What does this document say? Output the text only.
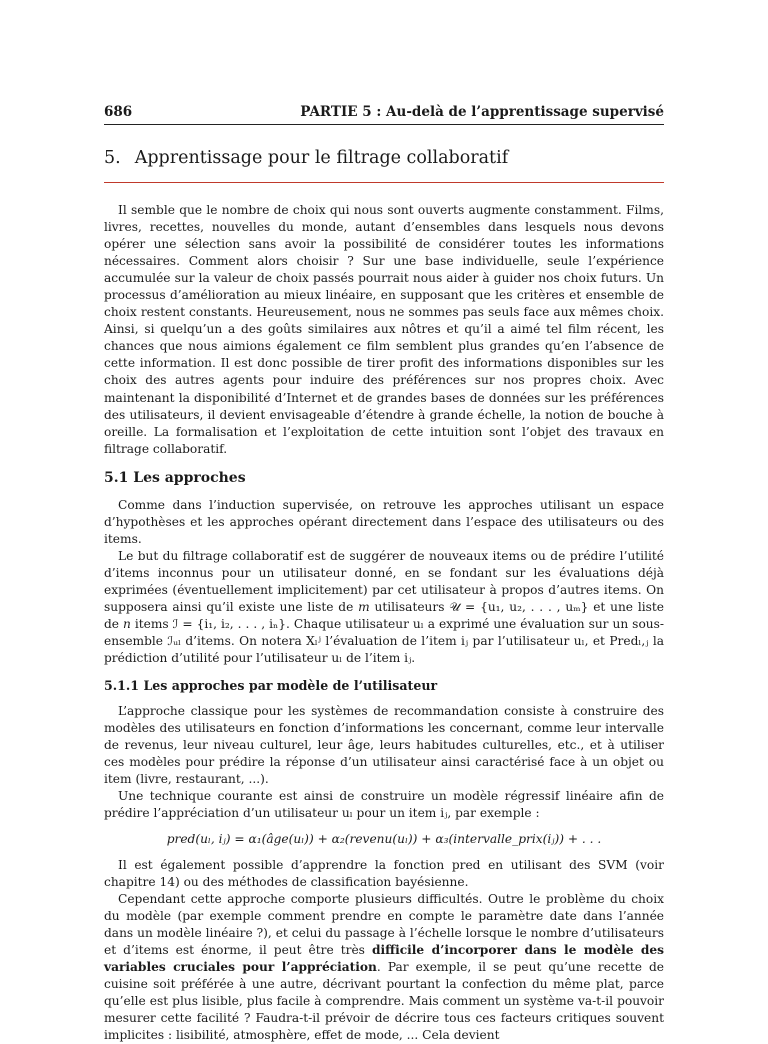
686	PARTIE 5 : Au-delà de l’apprentissage supervisé
5. Apprentissage pour le filtrage collaboratif

Il semble que le nombre de choix qui nous sont ouverts augmente constamment. Films, livres, recettes, nouvelles du monde, autant d’ensembles dans lesquels nous devons opérer une sélection sans avoir la possibilité de considérer toutes les informations nécessaires. Comment alors choisir ? Sur une base individuelle, seule l’expérience accumulée sur la valeur de choix passés pourrait nous aider à guider nos choix futurs. Un processus d’amélioration au mieux linéaire, en supposant que les critères et ensemble de choix restent constants. Heureusement, nous ne sommes pas seuls face aux mêmes choix. Ainsi, si quelqu’un a des goûts similaires aux nôtres et qu’il a aimé tel film récent, les chances que nous aimions également ce film semblent plus grandes qu’en l’absence de cette information. Il est donc possible de tirer profit des informations disponibles sur les choix des autres agents pour induire des préférences sur nos propres choix. Avec maintenant la disponibilité d’Internet et de grandes bases de données sur les préférences des utilisateurs, il devient envisageable d’étendre à grande échelle, la notion de bouche à oreille. La formalisation et l’exploitation de cette intuition sont l’objet des travaux en filtrage collaboratif.

5.1 Les approches

Comme dans l’induction supervisée, on retrouve les approches utilisant un espace d’hypothèses et les approches opérant directement dans l’espace des utilisateurs ou des items.

Le but du filtrage collaboratif est de suggérer de nouveaux items ou de prédire l’utilité d’items inconnus pour un utilisateur donné, en se fondant sur les évaluations déjà exprimées (éventuellement implicitement) par cet utilisateur à propos d’autres items. On supposera ainsi qu’il existe une liste de m utilisateurs 𝒰 = {u₁, u₂, . . . , uₘ} et une liste de n items ℐ = {i₁, i₂, . . . , iₙ}. Chaque utilisateur uₗ a exprimé une évaluation sur un sous-ensemble ℐᵤₗ d’items. On notera Xₗʲ l’évaluation de l’item iⱼ par l’utilisateur uₗ, et Predₗ,ⱼ la prédiction d’utilité pour l’utilisateur uₗ de l’item iⱼ.

5.1.1 Les approches par modèle de l’utilisateur

L’approche classique pour les systèmes de recommandation consiste à construire des modèles des utilisateurs en fonction d’informations les concernant, comme leur intervalle de revenus, leur niveau culturel, leur âge, leurs habitudes culturelles, etc., et à utiliser ces modèles pour prédire la réponse d’un utilisateur ainsi caractérisé face à un objet ou item (livre, restaurant, ...).

Une technique courante est ainsi de construire un modèle régressif linéaire afin de prédire l’appréciation d’un utilisateur uₗ pour un item iⱼ, par exemple :

pred(uₗ, iⱼ) = α₁(âge(uₗ)) + α₂(revenu(uₗ)) + α₃(intervalle_prix(iⱼ)) + . . .

Il est également possible d’apprendre la fonction pred en utilisant des SVM (voir chapitre 14) ou des méthodes de classification bayésienne.

Cependant cette approche comporte plusieurs difficultés. Outre le problème du choix du modèle (par exemple comment prendre en compte le paramètre date dans l’année dans un modèle linéaire ?), et celui du passage à l’échelle lorsque le nombre d’utilisateurs et d’items est énorme, il peut être très difficile d’incorporer dans le modèle des variables cruciales pour l’appréciation. Par exemple, il se peut qu’une recette de cuisine soit préférée à une autre, décrivant pourtant la confection du même plat, parce qu’elle est plus lisible, plus facile à comprendre. Mais comment un système va-t-il pouvoir mesurer cette facilité ? Faudra-t-il prévoir de décrire tous ces facteurs critiques souvent implicites : lisibilité, atmosphère, effet de mode, ... Cela devient
